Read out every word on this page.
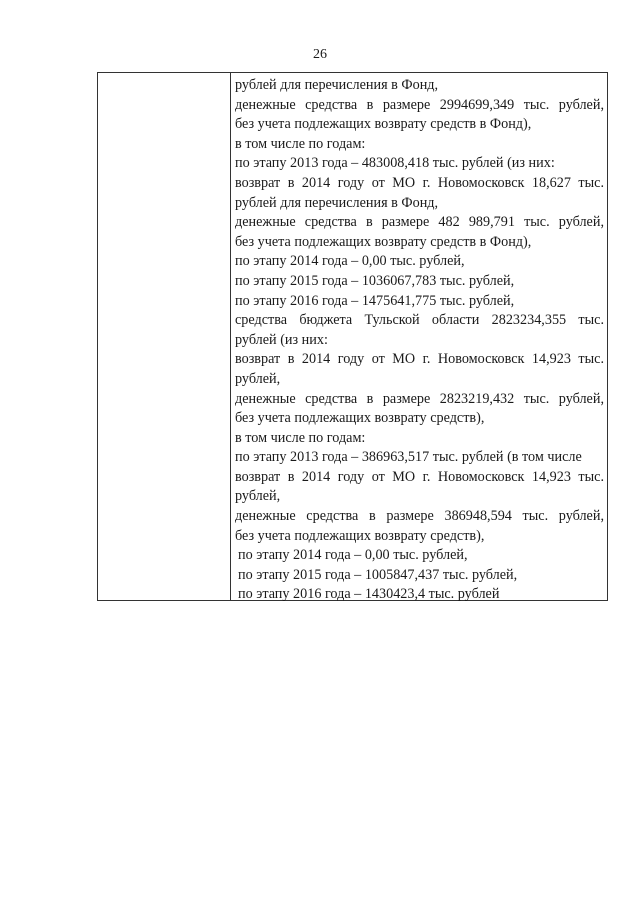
26
рублей для перечисления в Фонд,
денежные средства в размере 2994699,349 тыс. рублей,
без учета подлежащих возврату средств в Фонд),
в том числе по годам:
по этапу 2013 года – 483008,418 тыс. рублей (из них:
возврат в 2014 году от МО г. Новомосковск 18,627 тыс.
рублей для перечисления в Фонд,
денежные средства в размере 482 989,791 тыс. рублей,
без учета подлежащих возврату средств в Фонд),
по этапу 2014 года – 0,00 тыс. рублей,
по этапу 2015 года – 1036067,783 тыс. рублей,
по этапу 2016 года – 1475641,775 тыс. рублей,
средства бюджета Тульской области 2823234,355 тыс.
рублей (из них:
возврат в 2014 году от МО г. Новомосковск 14,923 тыс.
рублей,
денежные средства в размере 2823219,432 тыс. рублей,
без учета подлежащих возврату средств),
в том числе по годам:
по этапу 2013 года – 386963,517 тыс. рублей (в том числе
возврат в 2014 году от МО г. Новомосковск 14,923 тыс.
рублей,
денежные средства в размере 386948,594 тыс. рублей,
без учета подлежащих возврату средств),
по этапу 2014 года – 0,00 тыс. рублей,
по этапу 2015 года – 1005847,437 тыс. рублей,
по этапу 2016 года – 1430423,4 тыс. рублей
